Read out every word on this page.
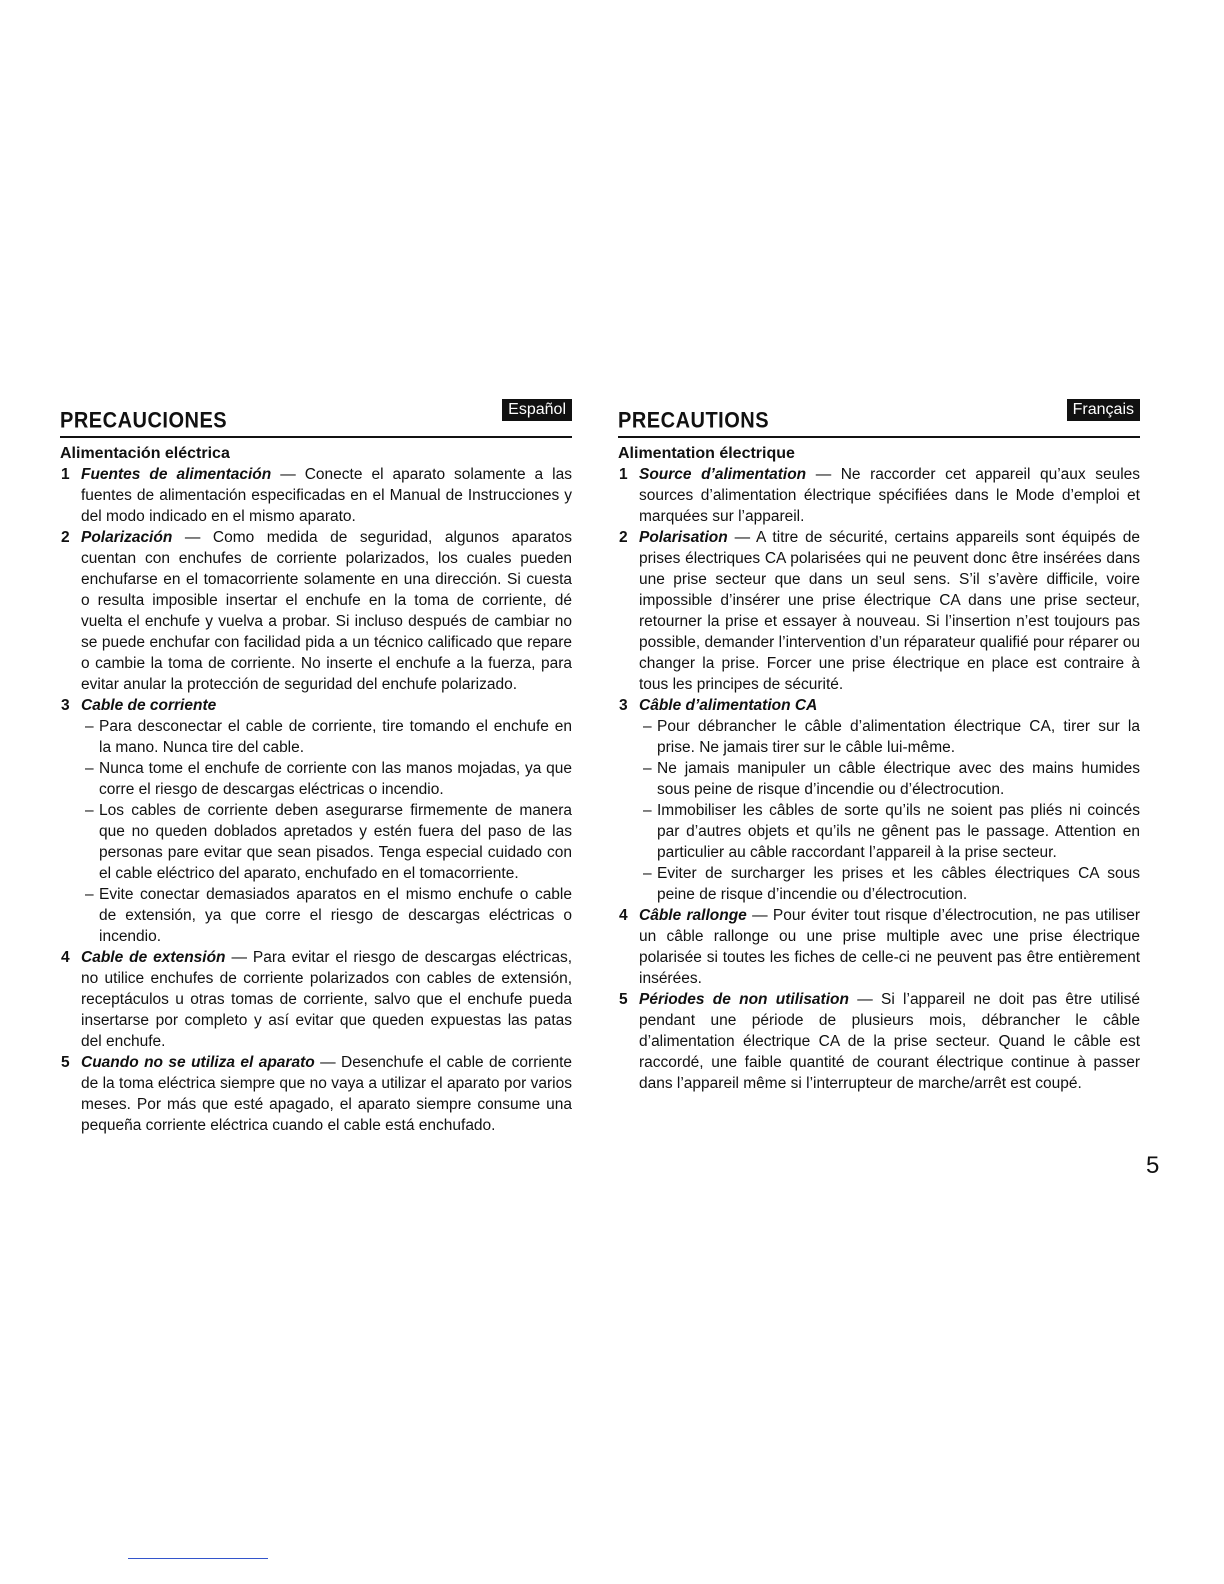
PRECAUCIONES	Español
Alimentación eléctrica
1 Fuentes de alimentación — Conecte el aparato solamente a las fuentes de alimentación especificadas en el Manual de Instrucciones y del modo indicado en el mismo aparato.
2 Polarización — Como medida de seguridad, algunos aparatos cuentan con enchufes de corriente polarizados, los cuales pueden enchufarse en el tomacorriente solamente en una dirección. Si cuesta o resulta imposible insertar el enchufe en la toma de corriente, dé vuelta el enchufe y vuelva a probar. Si incluso después de cambiar no se puede enchufar con facilidad pida a un técnico calificado que repare o cambie la toma de corriente. No inserte el enchufe a la fuerza, para evitar anular la protección de seguridad del enchufe polarizado.
3 Cable de corriente
– Para desconectar el cable de corriente, tire tomando el enchufe en la mano. Nunca tire del cable.
– Nunca tome el enchufe de corriente con las manos mojadas, ya que corre el riesgo de descargas eléctricas o incendio.
– Los cables de corriente deben asegurarse firmemente de manera que no queden doblados apretados y estén fuera del paso de las personas pare evitar que sean pisados. Tenga especial cuidado con el cable eléctrico del aparato, enchufado en el tomacorriente.
– Evite conectar demasiados aparatos en el mismo enchufe o cable de extensión, ya que corre el riesgo de descargas eléctricas o incendio.
4 Cable de extensión — Para evitar el riesgo de descargas eléctricas, no utilice enchufes de corriente polarizados con cables de extensión, receptáculos u otras tomas de corriente, salvo que el enchufe pueda insertarse por completo y así evitar que queden expuestas las patas del enchufe.
5 Cuando no se utiliza el aparato — Desenchufe el cable de corriente de la toma eléctrica siempre que no vaya a utilizar el aparato por varios meses. Por más que esté apagado, el aparato siempre consume una pequeña corriente eléctrica cuando el cable está enchufado.
PRECAUTIONS	Français
Alimentation électrique
1 Source d’alimentation — Ne raccorder cet appareil qu’aux seules sources d’alimentation électrique spécifiées dans le Mode d’emploi et marquées sur l’appareil.
2 Polarisation — A titre de sécurité, certains appareils sont équipés de prises électriques CA polarisées qui ne peuvent donc être insérées dans une prise secteur que dans un seul sens. S’il s’avère difficile, voire impossible d’insérer une prise électrique CA dans une prise secteur, retourner la prise et essayer à nouveau. Si l’insertion n’est toujours pas possible, demander l’intervention d’un réparateur qualifié pour réparer ou changer la prise. Forcer une prise électrique en place est contraire à tous les principes de sécurité.
3 Câble d’alimentation CA
– Pour débrancher le câble d’alimentation électrique CA, tirer sur la prise. Ne jamais tirer sur le câble lui-même.
– Ne jamais manipuler un câble électrique avec des mains humides sous peine de risque d’incendie ou d’électrocution.
– Immobiliser les câbles de sorte qu’ils ne soient pas pliés ni coincés par d’autres objets et qu’ils ne gênent pas le passage. Attention en particulier au câble raccordant l’appareil à la prise secteur.
– Eviter de surcharger les prises et les câbles électriques CA sous peine de risque d’incendie ou d’électrocution.
4 Câble rallonge — Pour éviter tout risque d’électrocution, ne pas utiliser un câble rallonge ou une prise multiple avec une prise électrique polarisée si toutes les fiches de celle-ci ne peuvent pas être entièrement insérées.
5 Périodes de non utilisation — Si l’appareil ne doit pas être utilisé pendant une période de plusieurs mois, débrancher le câble d’alimentation électrique CA de la prise secteur. Quand le câble est raccordé, une faible quantité de courant électrique continue à passer dans l’appareil même si l’interrupteur de marche/arrêt est coupé.
5
